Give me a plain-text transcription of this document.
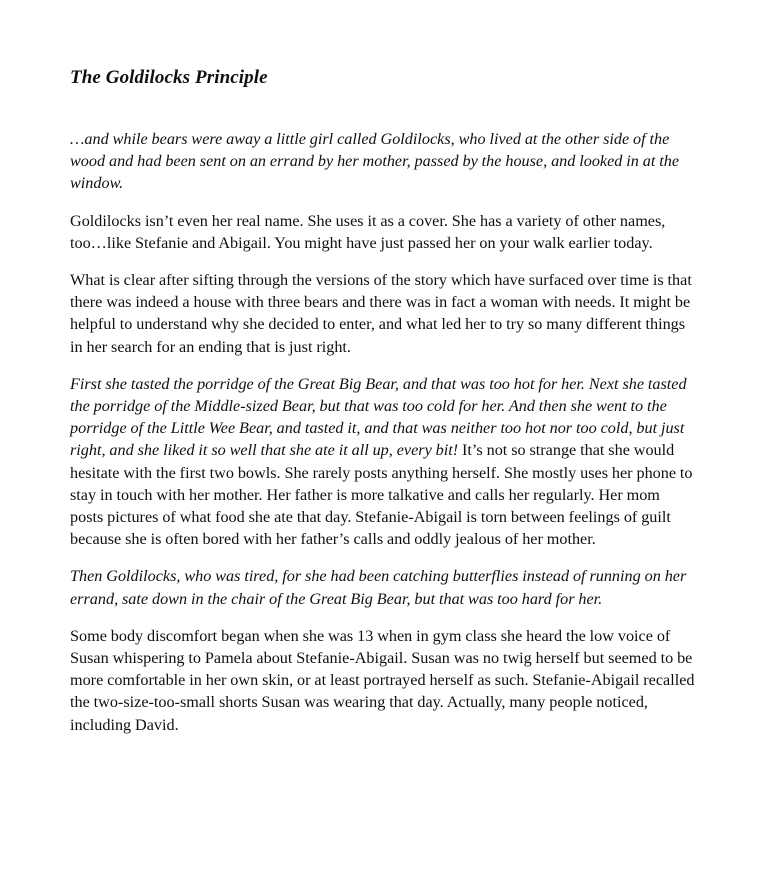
The Goldilocks Principle

…and while bears were away a little girl called Goldilocks, who lived at the other side of the wood and had been sent on an errand by her mother, passed by the house, and looked in at the window.

Goldilocks isn’t even her real name. She uses it as a cover. She has a variety of other names, too…like Stefanie and Abigail. You might have just passed her on your walk earlier today.

What is clear after sifting through the versions of the story which have surfaced over time is that there was indeed a house with three bears and there was in fact a woman with needs. It might be helpful to understand why she decided to enter, and what led her to try so many different things in her search for an ending that is just right.

First she tasted the porridge of the Great Big Bear, and that was too hot for her. Next she tasted the porridge of the Middle-sized Bear, but that was too cold for her. And then she went to the porridge of the Little Wee Bear, and tasted it, and that was neither too hot nor too cold, but just right, and she liked it so well that she ate it all up, every bit! It’s not so strange that she would hesitate with the first two bowls. She rarely posts anything herself. She mostly uses her phone to stay in touch with her mother. Her father is more talkative and calls her regularly. Her mom posts pictures of what food she ate that day. Stefanie-Abigail is torn between feelings of guilt because she is often bored with her father’s calls and oddly jealous of her mother.

Then Goldilocks, who was tired, for she had been catching butterflies instead of running on her errand, sate down in the chair of the Great Big Bear, but that was too hard for her.

Some body discomfort began when she was 13 when in gym class she heard the low voice of Susan whispering to Pamela about Stefanie-Abigail. Susan was no twig herself but seemed to be more comfortable in her own skin, or at least portrayed herself as such. Stefanie-Abigail recalled the two-size-too-small shorts Susan was wearing that day. Actually, many people noticed, including David.
